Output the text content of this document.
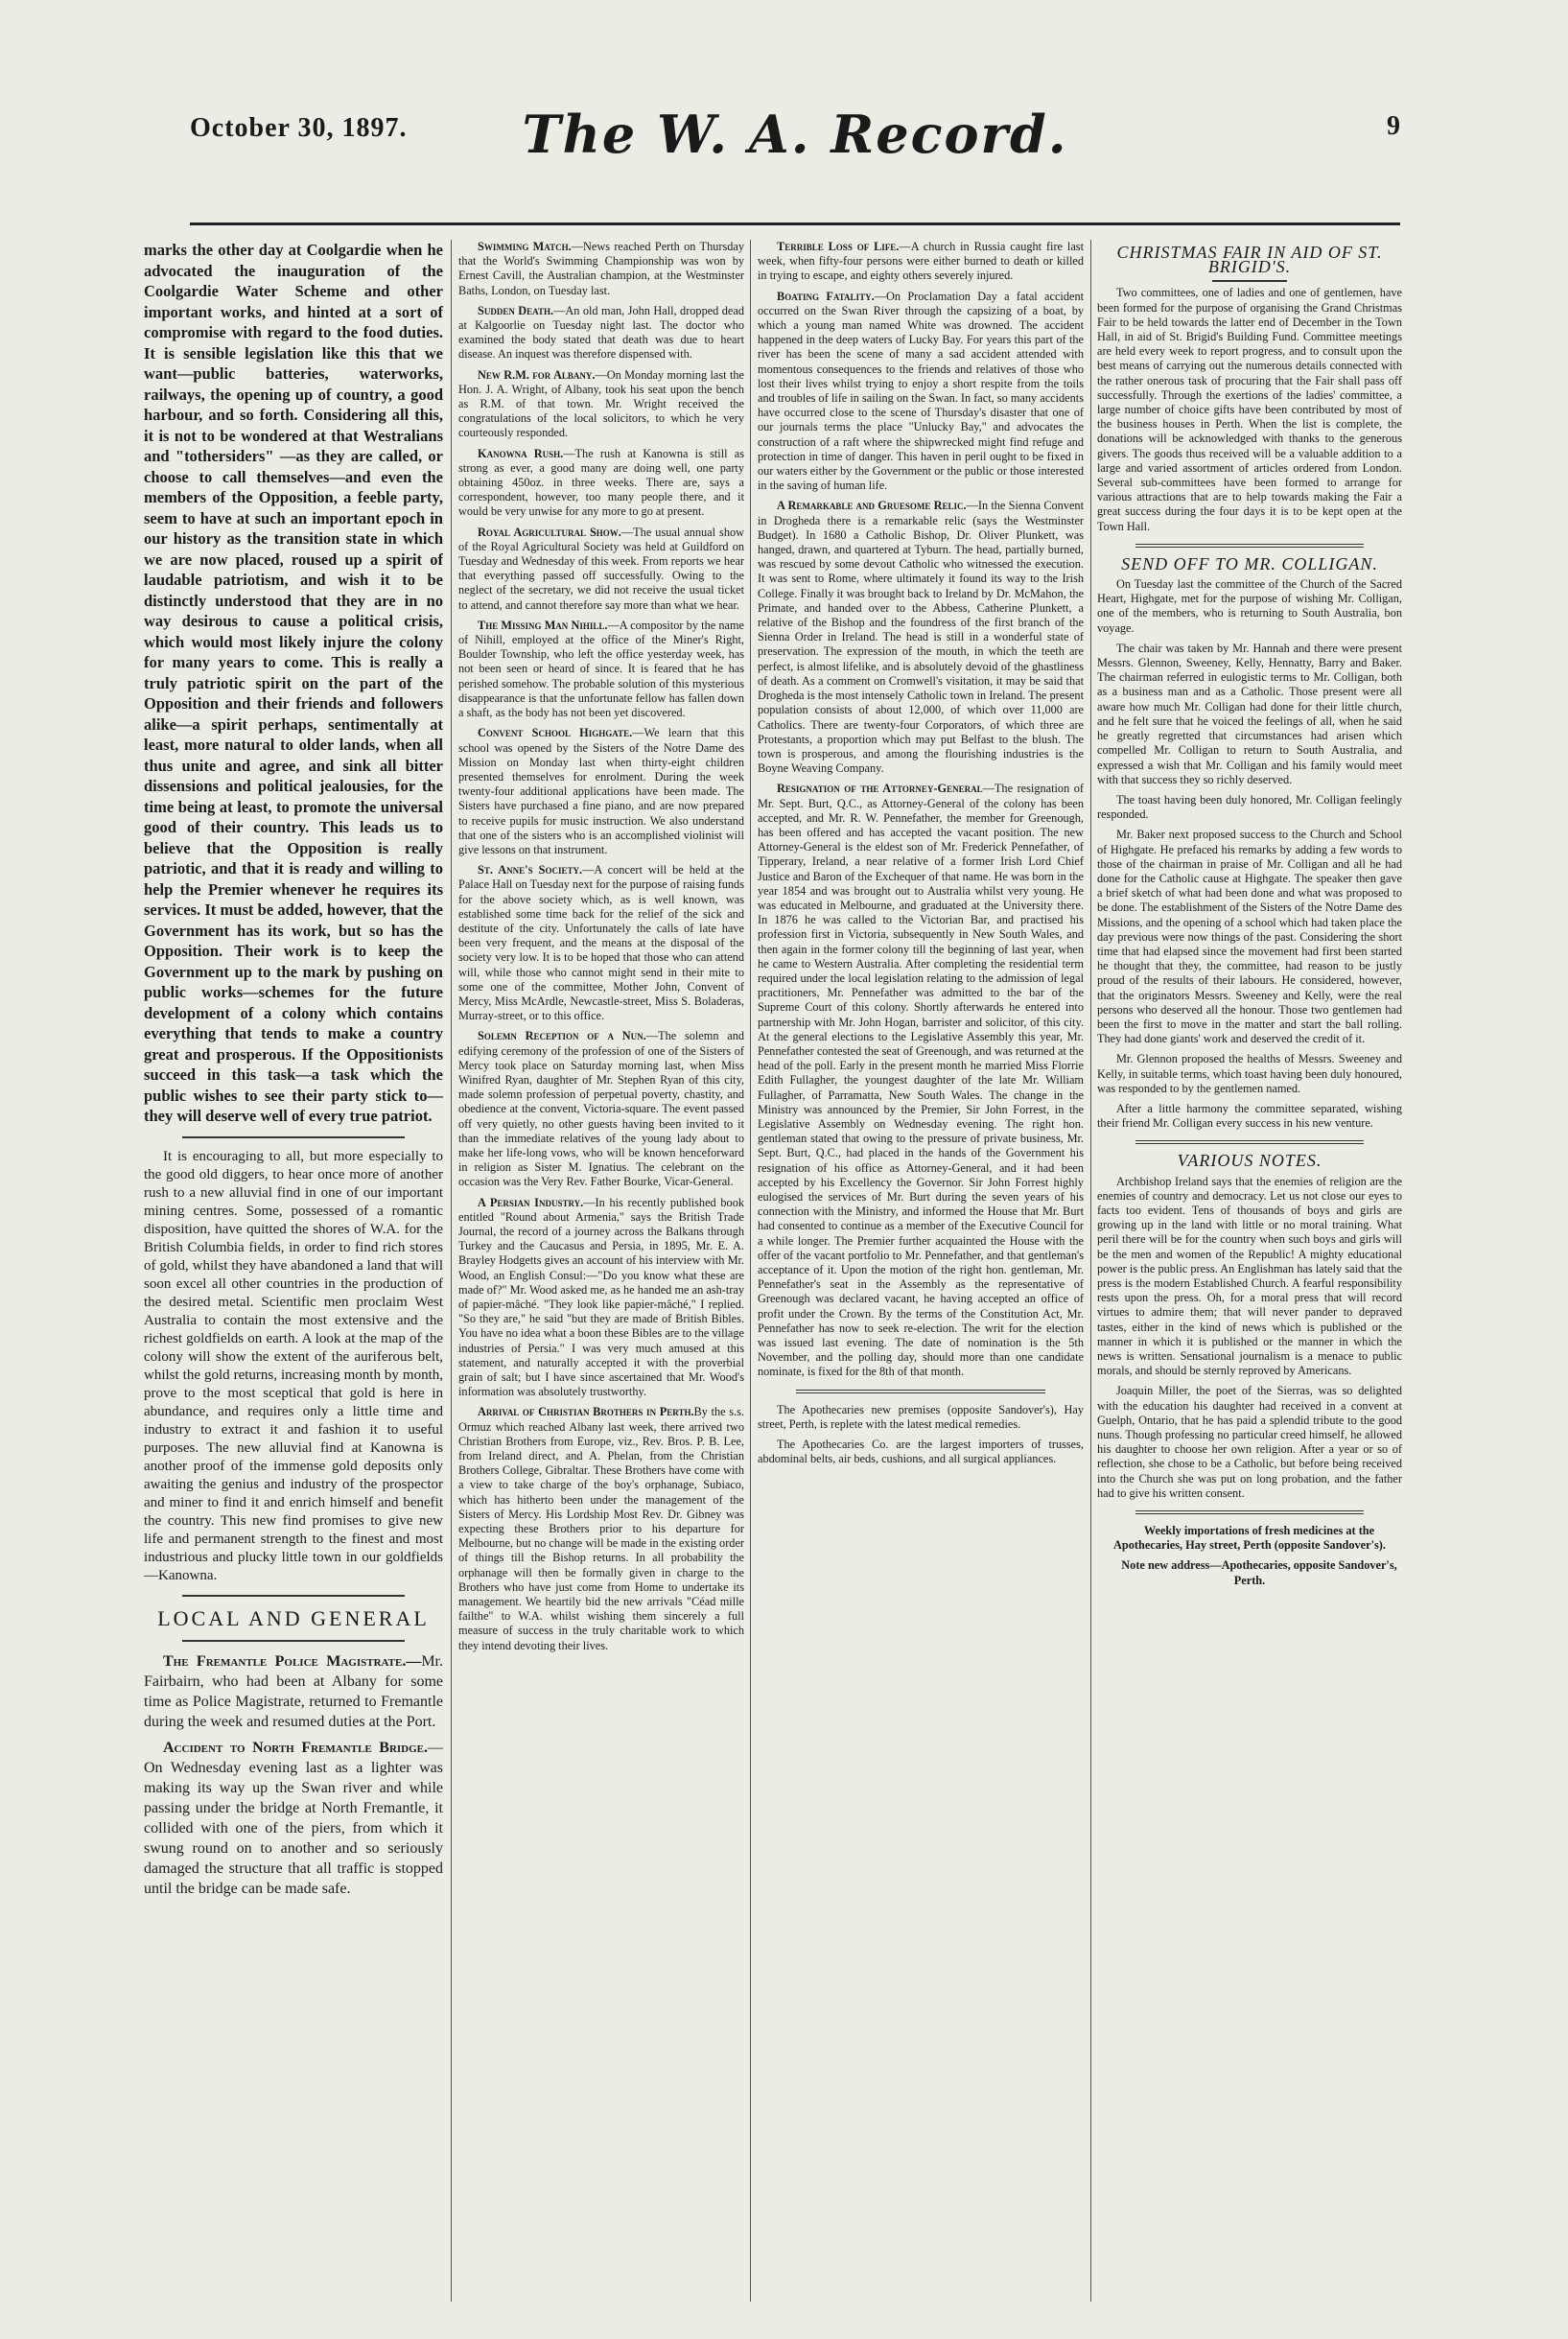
October 30, 1897.	The W. A. Record.	9

marks the other day at Coolgardie when he advocated the inauguration of the Coolgardie Water Scheme and other important works, and hinted at a sort of compromise with regard to the food duties. It is sensible legislation like this that we want—public batteries, waterworks, railways, the opening up of country, a good harbour, and so forth. Considering all this, it is not to be wondered at that Westralians and "tothersiders" —as they are called, or choose to call themselves—and even the members of the Opposition, a feeble party, seem to have at such an important epoch in our history as the transition state in which we are now placed, roused up a spirit of laudable patriotism, and wish it to be distinctly understood that they are in no way desirous to cause a political crisis, which would most likely injure the colony for many years to come. This is really a truly patriotic spirit on the part of the Opposition and their friends and followers alike—a spirit perhaps, sentimentally at least, more natural to older lands, when all thus unite and agree, and sink all bitter dissensions and political jealousies, for the time being at least, to promote the universal good of their country. This leads us to believe that the Opposition is really patriotic, and that it is ready and willing to help the Premier whenever he requires its services. It must be added, however, that the Government has its work, but so has the Opposition. Their work is to keep the Government up to the mark by pushing on public works—schemes for the future development of a colony which contains everything that tends to make a country great and prosperous. If the Oppositionists succeed in this task—a task which the public wishes to see their party stick to—they will deserve well of every true patriot.

It is encouraging to all, but more especially to the good old diggers, to hear once more of another rush to a new alluvial find in one of our important mining centres. Some, possessed of a romantic disposition, have quitted the shores of W.A. for the British Columbia fields, in order to find rich stores of gold, whilst they have abandoned a land that will soon excel all other countries in the production of the desired metal. Scientific men proclaim West Australia to contain the most extensive and the richest goldfields on earth. A look at the map of the colony will show the extent of the auriferous belt, whilst the gold returns, increasing month by month, prove to the most sceptical that gold is here in abundance, and requires only a little time and industry to extract it and fashion it to useful purposes. The new alluvial find at Kanowna is another proof of the immense gold deposits only awaiting the genius and industry of the prospector and miner to find it and enrich himself and benefit the country. This new find promises to give new life and permanent strength to the finest and most industrious and plucky little town in our goldfields—Kanowna.

LOCAL AND GENERAL

The Fremantle Police Magistrate.—Mr. Fairbairn, who had been at Albany for some time as Police Magistrate, returned to Fremantle during the week and resumed duties at the Port.

Accident to North Fremantle Bridge.—On Wednesday evening last as a lighter was making its way up the Swan river and while passing under the bridge at North Fremantle, it collided with one of the piers, from which it swung round on to another and so seriously damaged the structure that all traffic is stopped until the bridge can be made safe.

Swimming Match.—News reached Perth on Thursday that the World's Swimming Championship was won by Ernest Cavill, the Australian champion, at the Westminster Baths, London, on Tuesday last.

Sudden Death.—An old man, John Hall, dropped dead at Kalgoorlie on Tuesday night last. The doctor who examined the body stated that death was due to heart disease. An inquest was therefore dispensed with.

New R.M. for Albany.—On Monday morning last the Hon. J. A. Wright, of Albany, took his seat upon the bench as R.M. of that town. Mr. Wright received the congratulations of the local solicitors, to which he very courteously responded.

Kanowna Rush.—The rush at Kanowna is still as strong as ever, a good many are doing well, one party obtaining 450oz. in three weeks. There are, says a correspondent, however, too many people there, and it would be very unwise for any more to go at present.

Royal Agricultural Show.—The usual annual show of the Royal Agricultural Society was held at Guildford on Tuesday and Wednesday of this week. From reports we hear that everything passed off successfully. Owing to the neglect of the secretary, we did not receive the usual ticket to attend, and cannot therefore say more than what we hear.

The Missing Man Nihill.—A compositor by the name of Nihill, employed at the office of the Miner's Right, Boulder Township, who left the office yesterday week, has not been seen or heard of since. It is feared that he has perished somehow. The probable solution of this mysterious disappearance is that the unfortunate fellow has fallen down a shaft, as the body has not been yet discovered.

Convent School Highgate.—We learn that this school was opened by the Sisters of the Notre Dame des Mission on Monday last when thirty-eight children presented themselves for enrolment. During the week twenty-four additional applications have been made. The Sisters have purchased a fine piano, and are now prepared to receive pupils for music instruction. We also understand that one of the sisters who is an accomplished violinist will give lessons on that instrument.

St. Anne's Society.—A concert will be held at the Palace Hall on Tuesday next for the purpose of raising funds for the above society which, as is well known, was established some time back for the relief of the sick and destitute of the city. Unfortunately the calls of late have been very frequent, and the means at the disposal of the society very low. It is to be hoped that those who can attend will, while those who cannot might send in their mite to some one of the committee, Mother John, Convent of Mercy, Miss McArdle, Newcastle-street, Miss S. Boladeras, Murray-street, or to this office.

Solemn Reception of a Nun.—The solemn and edifying ceremony of the profession of one of the Sisters of Mercy took place on Saturday morning last, when Miss Winifred Ryan, daughter of Mr. Stephen Ryan of this city, made solemn profession of perpetual poverty, chastity, and obedience at the convent, Victoria-square. The event passed off very quietly, no other guests having been invited to it than the immediate relatives of the young lady about to make her life-long vows, who will be known henceforward in religion as Sister M. Ignatius. The celebrant on the occasion was the Very Rev. Father Bourke, Vicar-General.

A Persian Industry.—In his recently published book entitled "Round about Armenia," says the British Trade Journal, the record of a journey across the Balkans through Turkey and the Caucasus and Persia, in 1895, Mr. E. A. Brayley Hodgetts gives an account of his interview with Mr. Wood, an English Consul:—"Do you know what these are made of?" Mr. Wood asked me, as he handed me an ash-tray of papier-mâché. "They look like papier-mâché," I replied. "So they are," he said "but they are made of British Bibles. You have no idea what a boon these Bibles are to the village industries of Persia." I was very much amused at this statement, and naturally accepted it with the proverbial grain of salt; but I have since ascertained that Mr. Wood's information was absolutely trustworthy.

Arrival of Christian Brothers in Perth.By the s.s. Ormuz which reached Albany last week, there arrived two Christian Brothers from Europe, viz., Rev. Bros. P. B. Lee, from Ireland direct, and A. Phelan, from the Christian Brothers College, Gibraltar. These Brothers have come with a view to take charge of the boy's orphanage, Subiaco, which has hitherto been under the management of the Sisters of Mercy. His Lordship Most Rev. Dr. Gibney was expecting these Brothers prior to his departure for Melbourne, but no change will be made in the existing order of things till the Bishop returns. In all probability the orphanage will then be formally given in charge to the Brothers who have just come from Home to undertake its management. We heartily bid the new arrivals "Céad mille failthe" to W.A. whilst wishing them sincerely a full measure of success in the truly charitable work to which they intend devoting their lives.

Terrible Loss of Life.—A church in Russia caught fire last week, when fifty-four persons were either burned to death or killed in trying to escape, and eighty others severely injured.

Boating Fatality.—On Proclamation Day a fatal accident occurred on the Swan River through the capsizing of a boat, by which a young man named White was drowned. The accident happened in the deep waters of Lucky Bay. For years this part of the river has been the scene of many a sad accident attended with momentous consequences to the friends and relatives of those who lost their lives whilst trying to enjoy a short respite from the toils and troubles of life in sailing on the Swan. In fact, so many accidents have occurred close to the scene of Thursday's disaster that one of our journals terms the place "Unlucky Bay," and advocates the construction of a raft where the shipwrecked might find refuge and protection in time of danger. This haven in peril ought to be fixed in our waters either by the Government or the public or those interested in the saving of human life.

A Remarkable and Gruesome Relic.—In the Sienna Convent in Drogheda there is a remarkable relic (says the Westminster Budget). In 1680 a Catholic Bishop, Dr. Oliver Plunkett, was hanged, drawn, and quartered at Tyburn. The head, partially burned, was rescued by some devout Catholic who witnessed the execution. It was sent to Rome, where ultimately it found its way to the Irish College. Finally it was brought back to Ireland by Dr. McMahon, the Primate, and handed over to the Abbess, Catherine Plunkett, a relative of the Bishop and the foundress of the first branch of the Sienna Order in Ireland. The head is still in a wonderful state of preservation. The expression of the mouth, in which the teeth are perfect, is almost lifelike, and is absolutely devoid of the ghastliness of death. As a comment on Cromwell's visitation, it may be said that Drogheda is the most intensely Catholic town in Ireland. The present population consists of about 12,000, of which over 11,000 are Catholics. There are twenty-four Corporators, of which three are Protestants, a proportion which may put Belfast to the blush. The town is prosperous, and among the flourishing industries is the Boyne Weaving Company.

Resignation of the Attorney-General—The resignation of Mr. Sept. Burt, Q.C., as Attorney-General of the colony has been accepted, and Mr. R. W. Pennefather, the member for Greenough, has been offered and has accepted the vacant position. The new Attorney-General is the eldest son of Mr. Frederick Pennefather, of Tipperary, Ireland, a near relative of a former Irish Lord Chief Justice and Baron of the Exchequer of that name. He was born in the year 1854 and was brought out to Australia whilst very young. He was educated in Melbourne, and graduated at the University there. In 1876 he was called to the Victorian Bar, and practised his profession first in Victoria, subsequently in New South Wales, and then again in the former colony till the beginning of last year, when he came to Western Australia. After completing the residential term required under the local legislation relating to the admission of legal practitioners, Mr. Pennefather was admitted to the bar of the Supreme Court of this colony. Shortly afterwards he entered into partnership with Mr. John Hogan, barrister and solicitor, of this city. At the general elections to the Legislative Assembly this year, Mr. Pennefather contested the seat of Greenough, and was returned at the head of the poll. Early in the present month he married Miss Florrie Edith Fullagher, the youngest daughter of the late Mr. William Fullagher, of Parramatta, New South Wales. The change in the Ministry was announced by the Premier, Sir John Forrest, in the Legislative Assembly on Wednesday evening. The right hon. gentleman stated that owing to the pressure of private business, Mr. Sept. Burt, Q.C., had placed in the hands of the Government his resignation of his office as Attorney-General, and it had been accepted by his Excellency the Governor. Sir John Forrest highly eulogised the services of Mr. Burt during the seven years of his connection with the Ministry, and informed the House that Mr. Burt had consented to continue as a member of the Executive Council for a while longer. The Premier further acquainted the House with the offer of the vacant portfolio to Mr. Pennefather, and that gentleman's acceptance of it. Upon the motion of the right hon. gentleman, Mr. Pennefather's seat in the Assembly as the representative of Greenough was declared vacant, he having accepted an office of profit under the Crown. By the terms of the Constitution Act, Mr. Pennefather has now to seek re-election. The writ for the election was issued last evening. The date of nomination is the 5th November, and the polling day, should more than one candidate nominate, is fixed for the 8th of that month.

The Apothecaries new premises (opposite Sandover's), Hay street, Perth, is replete with the latest medical remedies.

The Apothecaries Co. are the largest importers of trusses, abdominal belts, air beds, cushions, and all surgical appliances.

CHRISTMAS FAIR IN AID OF ST. BRIGID'S.

Two committees, one of ladies and one of gentlemen, have been formed for the purpose of organising the Grand Christmas Fair to be held towards the latter end of December in the Town Hall, in aid of St. Brigid's Building Fund. Committee meetings are held every week to report progress, and to consult upon the best means of carrying out the numerous details connected with the rather onerous task of procuring that the Fair shall pass off successfully. Through the exertions of the ladies' committee, a large number of choice gifts have been contributed by most of the business houses in Perth. When the list is complete, the donations will be acknowledged with thanks to the generous givers. The goods thus received will be a valuable addition to a large and varied assortment of articles ordered from London. Several sub-committees have been formed to arrange for various attractions that are to help towards making the Fair a great success during the four days it is to be kept open at the Town Hall.

SEND OFF TO MR. COLLIGAN.

On Tuesday last the committee of the Church of the Sacred Heart, Highgate, met for the purpose of wishing Mr. Colligan, one of the members, who is returning to South Australia, bon voyage.

The chair was taken by Mr. Hannah and there were present Messrs. Glennon, Sweeney, Kelly, Hennatty, Barry and Baker. The chairman referred in eulogistic terms to Mr. Colligan, both as a business man and as a Catholic. Those present were all aware how much Mr. Colligan had done for their little church, and he felt sure that he voiced the feelings of all, when he said he greatly regretted that circumstances had arisen which compelled Mr. Colligan to return to South Australia, and expressed a wish that Mr. Colligan and his family would meet with that success they so richly deserved.

The toast having been duly honored, Mr. Colligan feelingly responded.

Mr. Baker next proposed success to the Church and School of Highgate. He prefaced his remarks by adding a few words to those of the chairman in praise of Mr. Colligan and all he had done for the Catholic cause at Highgate. The speaker then gave a brief sketch of what had been done and what was proposed to be done. The establishment of the Sisters of the Notre Dame des Missions, and the opening of a school which had taken place the day previous were now things of the past. Considering the short time that had elapsed since the movement had first been started he thought that they, the committee, had reason to be justly proud of the results of their labours. He considered, however, that the originators Messrs. Sweeney and Kelly, were the real persons who deserved all the honour. Those two gentlemen had been the first to move in the matter and start the ball rolling. They had done giants' work and deserved the credit of it.

Mr. Glennon proposed the healths of Messrs. Sweeney and Kelly, in suitable terms, which toast having been duly honoured, was responded to by the gentlemen named.

After a little harmony the committee separated, wishing their friend Mr. Colligan every success in his new venture.

VARIOUS NOTES.

Archbishop Ireland says that the enemies of religion are the enemies of country and democracy. Let us not close our eyes to facts too evident. Tens of thousands of boys and girls are growing up in the land with little or no moral training. What peril there will be for the country when such boys and girls will be the men and women of the Republic! A mighty educational power is the public press. An Englishman has lately said that the press is the modern Established Church. A fearful responsibility rests upon the press. Oh, for a moral press that will record virtues to admire them; that will never pander to depraved tastes, either in the kind of news which is published or the manner in which it is published or the manner in which the news is written. Sensational journalism is a menace to public morals, and should be sternly reproved by Americans.

Joaquin Miller, the poet of the Sierras, was so delighted with the education his daughter had received in a convent at Guelph, Ontario, that he has paid a splendid tribute to the good nuns. Though professing no particular creed himself, he allowed his daughter to choose her own religion. After a year or so of reflection, she chose to be a Catholic, but before being received into the Church she was put on long probation, and the father had to give his written consent.

Weekly importations of fresh medicines at the Apothecaries, Hay street, Perth (opposite Sandover's).

Note new address—Apothecaries, opposite Sandover's, Perth.
